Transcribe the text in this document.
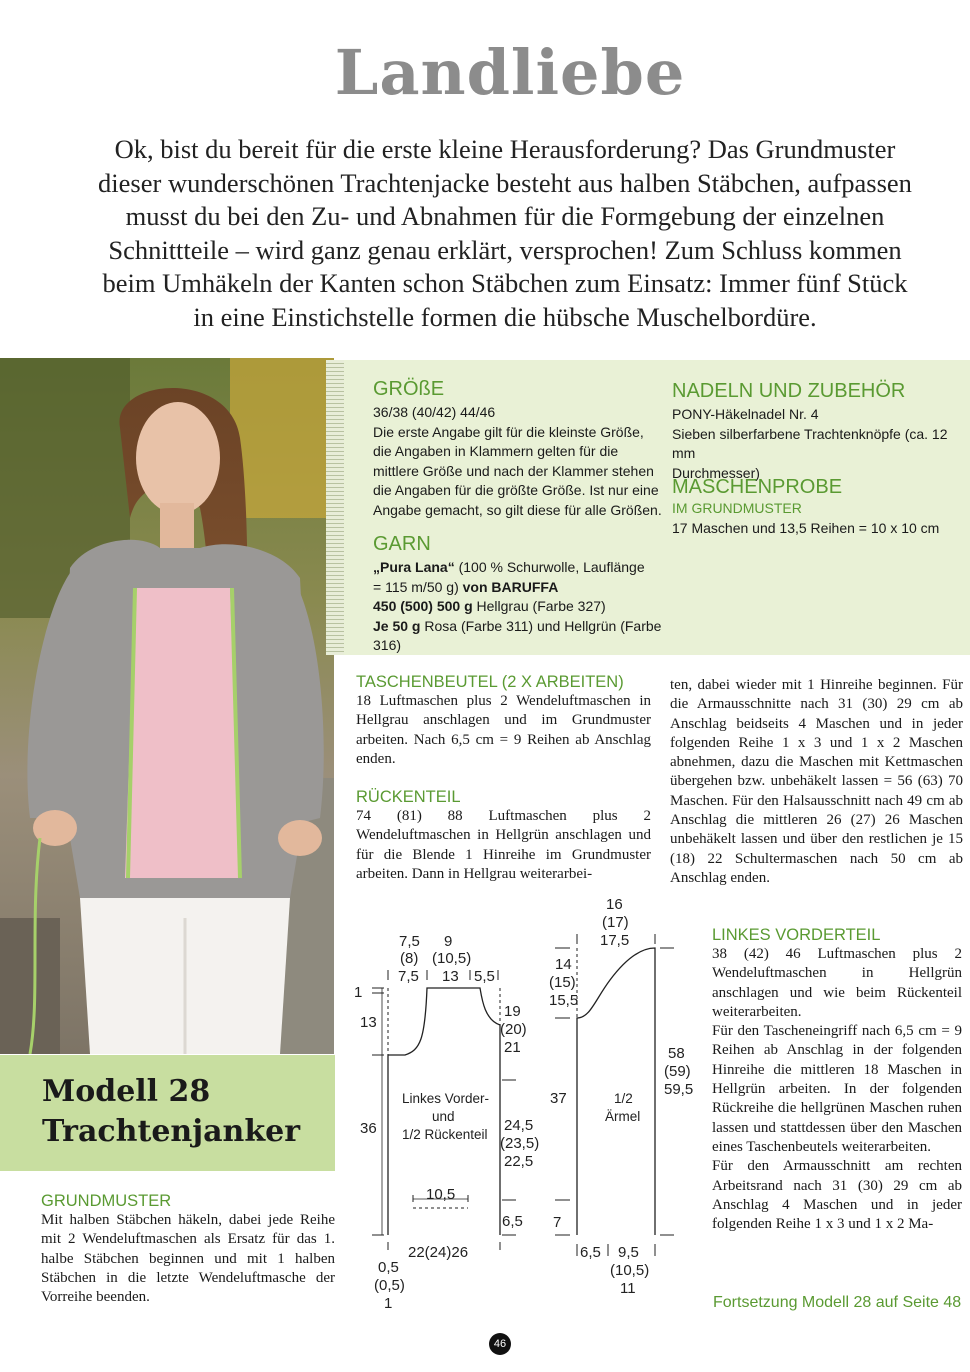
Landliebe
Ok, bist du bereit für die erste kleine Herausforderung? Das Grundmuster
dieser wunderschönen Trachtenjacke besteht aus halben Stäbchen, aufpassen
musst du bei den Zu- und Abnahmen für die Formgebung der einzelnen
Schnittteile – wird ganz genau erklärt, versprochen! Zum Schluss kommen
beim Umhäkeln der Kanten schon Stäbchen zum Einsatz: Immer fünf Stück
in eine Einstichstelle formen die hübsche Muschelbordüre.
Modell 28
Trachtenjanker
GRUNDMUSTER
Mit halben Stäbchen häkeln, dabei jede Reihe mit 2 Wendeluftmaschen als Ersatz für das 1. halbe Stäbchen beginnen und mit 1 halben Stäbchen in die letzte Wendeluftmasche der Vorreihe beenden.
GRÖßE
36/38 (40/42) 44/46
Die erste Angabe gilt für die kleinste Größe,
die Angaben in Klammern gelten für die
mittlere Größe und nach der Klammer stehen
die Angaben für die größte Größe. Ist nur eine
Angabe gemacht, so gilt diese für alle Größen.
GARN
„Pura Lana“ (100 % Schurwolle, Lauflänge
= 115 m/50 g) von BARUFFA
450 (500) 500 g Hellgrau (Farbe 327)
Je 50 g Rosa (Farbe 311) und Hellgrün (Farbe 316)
NADELN UND ZUBEHÖR
PONY-Häkelnadel Nr. 4
Sieben silberfarbene Trachtenknöpfe (ca. 12 mm
Durchmesser)
MASCHENPROBE
IM GRUNDMUSTER
17 Maschen und 13,5 Reihen = 10 x 10 cm
TASCHENBEUTEL (2 X ARBEITEN)
18 Luftmaschen plus 2 Wendeluftmaschen in Hellgrau anschlagen und im Grundmuster arbeiten. Nach 6,5 cm = 9 Reihen ab Anschlag enden.
RÜCKENTEIL
74 (81) 88 Luftmaschen plus 2 Wendeluftmaschen in Hellgrün anschlagen und für die Blende 1 Hinreihe im Grundmuster arbeiten. Dann in Hellgrau weiterarbei-
ten, dabei wieder mit 1 Hinreihe beginnen. Für die Armausschnitte nach 31 (30) 29 cm ab Anschlag beidseits 4 Maschen und in jeder folgenden Reihe 1 x 3 und 1 x 2 Maschen abnehmen, dazu die Maschen mit Kettmaschen übergehen bzw. unbehäkelt lassen = 56 (63) 70 Maschen. Für den Halsausschnitt nach 49 cm ab Anschlag die mittleren 26 (27) 26 Maschen unbehäkelt lassen und über den restlichen je 15 (18) 22 Schultermaschen nach 50 cm ab Anschlag enden.
LINKES VORDERTEIL
38 (42) 46 Luftmaschen plus 2 Wendeluftmaschen in Hellgrün anschlagen und wie beim Rückenteil weiterarbeiten.
Für den Tascheneingriff nach 6,5 cm = 9 Reihen ab Anschlag in der folgenden Hinreihe die mittleren 18 Maschen in Hellgrün arbeiten. In der folgenden Rückreihe die hellgrünen Maschen ruhen lassen und stattdessen über den Maschen eines Taschenbeutels weiterarbeiten.
Für den Armausschnitt am rechten Arbeitsrand nach 31 (30) 29 cm ab Anschlag 4 Maschen und in jeder folgenden Reihe 1 x 3 und 1 x 2 Ma-
7,5
(8)
7,5
9
(10,5)
13 5,5
1
13
36
19
(20)
21
24,5
(23,5)
22,5
6,5
Linkes Vorder-
und
1/2 Rückenteil
10,5
22(24)26
0,5
(0,5)
1
16
(17)
17,5
14
(15)
15,5
37
7
58
(59)
59,5
1/2
Ärmel
6,5 9,5
(10,5)
11
Fortsetzung Modell 28 auf Seite 48
46
